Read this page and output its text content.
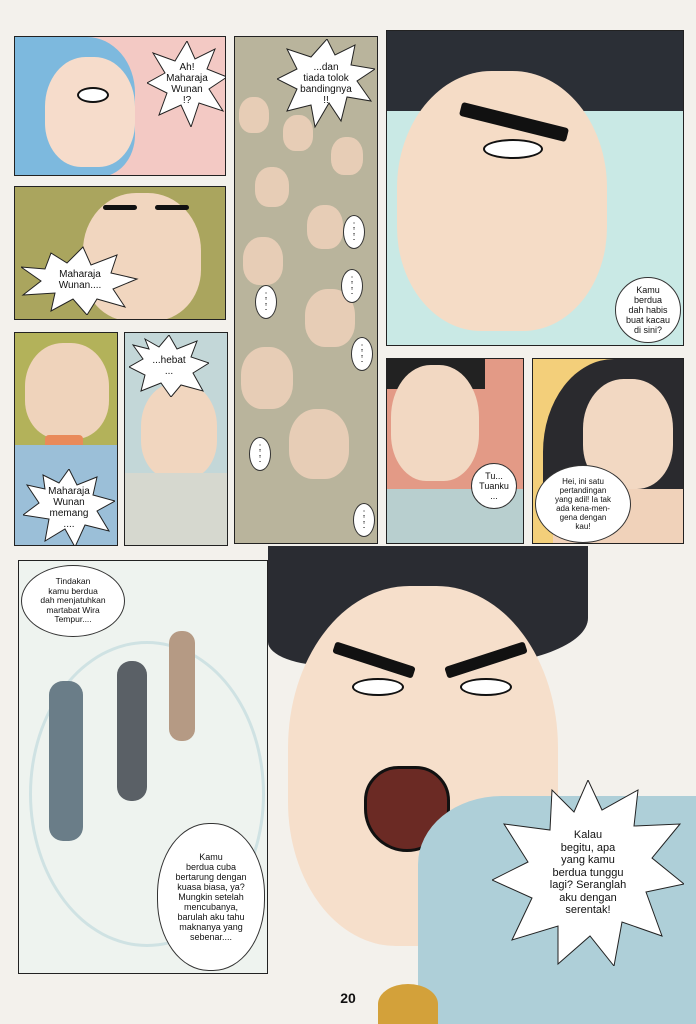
Ah!
Maharaja
Wunan
!?
Maharaja
Wunan....
...dan
tiada tolok
bandingnya
!!
:
:
:
:
:
:
:
:
:
:
:
:
:
:
:
:
:
:	Kamu
berdua
dah habis
buat kacau
di sini?
Maharaja
Wunan
memang
....
...hebat
...
Tu...
Tuanku
...
Hei, ini satu
pertandingan
yang adil! Ia tak
ada kena-men-
gena dengan
kau!
Tindakan
kamu berdua
dah menjatuhkan
martabat Wira
Tempur....
Kamu
berdua cuba
bertarung dengan
kuasa biasa, ya?
Mungkin setelah
mencubanya,
barulah aku tahu
maknanya yang
sebenar....
Kalau
begitu, apa
yang kamu
berdua tunggu
lagi? Seranglah
aku dengan
serentak!
20
